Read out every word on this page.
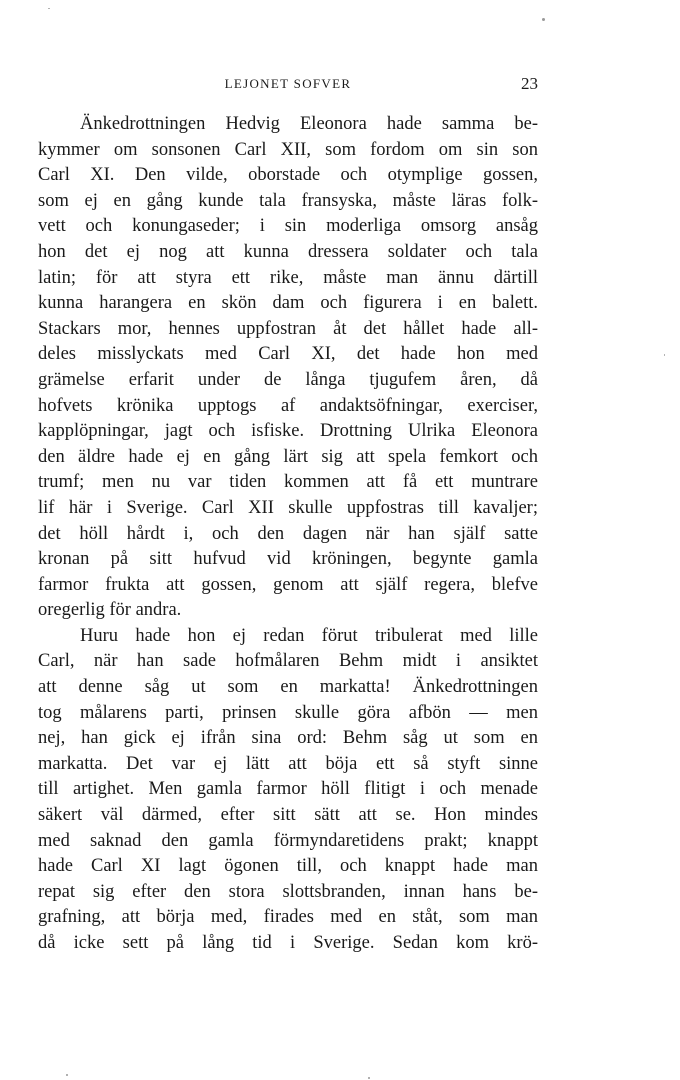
LEJONET SOFVER	23
Änkedrottningen Hedvig Eleonora hade samma be-
kymmer om sonsonen Carl XII, som fordom om sin son
Carl XI. Den vilde, oborstade och otymplige gossen,
som ej en gång kunde tala fransyska, måste läras folk-
vett och konungaseder; i sin moderliga omsorg ansåg
hon det ej nog att kunna dressera soldater och tala
latin; för att styra ett rike, måste man ännu därtill
kunna harangera en skön dam och figurera i en balett.
Stackars mor, hennes uppfostran åt det hållet hade all-
deles misslyckats med Carl XI, det hade hon med
grämelse erfarit under de långa tjugufem åren, då
hofvets krönika upptogs af andaktsöfningar, exerciser,
kapplöpningar, jagt och isfiske. Drottning Ulrika Eleonora
den äldre hade ej en gång lärt sig att spela femkort och
trumf; men nu var tiden kommen att få ett muntrare
lif här i Sverige. Carl XII skulle uppfostras till kavaljer;
det höll hårdt i, och den dagen när han själf satte
kronan på sitt hufvud vid kröningen, begynte gamla
farmor frukta att gossen, genom att själf regera, blefve
oregerlig för andra.
Huru hade hon ej redan förut tribulerat med lille
Carl, när han sade hofmålaren Behm midt i ansiktet
att denne såg ut som en markatta! Änkedrottningen
tog målarens parti, prinsen skulle göra afbön — men
nej, han gick ej ifrån sina ord: Behm såg ut som en
markatta. Det var ej lätt att böja ett så styft sinne
till artighet. Men gamla farmor höll flitigt i och menade
säkert väl därmed, efter sitt sätt att se. Hon mindes
med saknad den gamla förmyndaretidens prakt; knappt
hade Carl XI lagt ögonen till, och knappt hade man
repat sig efter den stora slottsbranden, innan hans be-
grafning, att börja med, firades med en ståt, som man
då icke sett på lång tid i Sverige. Sedan kom krö-
